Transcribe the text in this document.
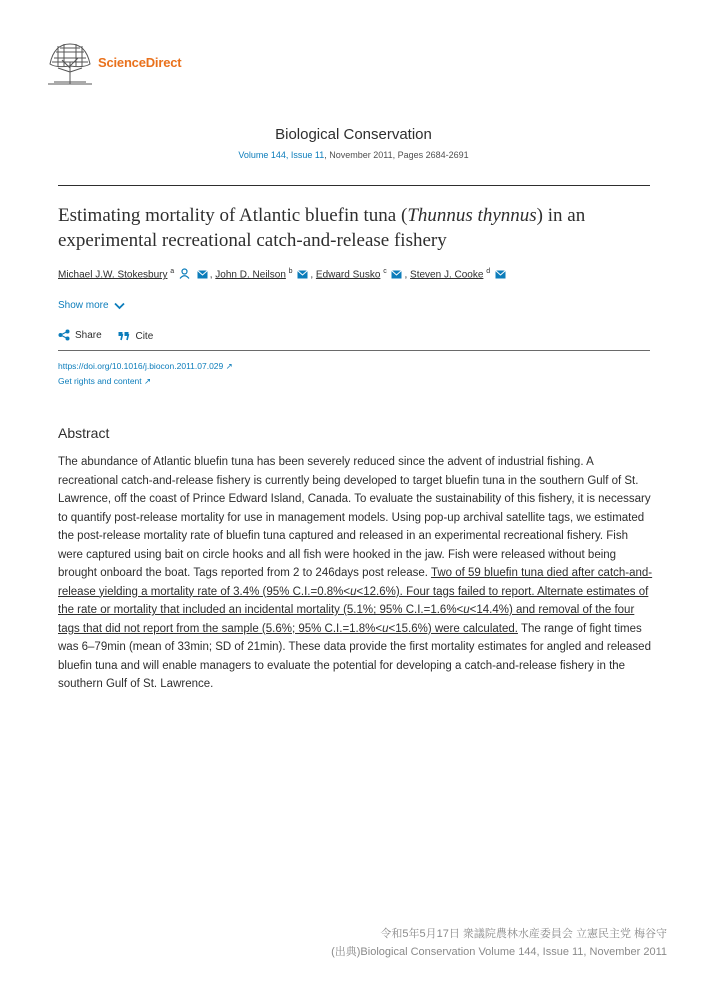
ScienceDirect
Biological Conservation
Volume 144, Issue 11, November 2011, Pages 2684-2691
Estimating mortality of Atlantic bluefin tuna (Thunnus thynnus) in an experimental recreational catch-and-release fishery
Michael J.W. Stokesbury $^a$	, John D. Neilson $^b$ , Edward Susko $^c$ , Steven J. Cooke $^d$
Show more
Share
	Cite
https://doi.org/10.1016/j.biocon.2011.07.029 ↗
Get rights and content ↗
Abstract
The abundance of Atlantic bluefin tuna has been severely reduced since the advent of industrial fishing. A recreational catch-and-release fishery is currently being developed to target bluefin tuna in the southern Gulf of St. Lawrence, off the coast of Prince Edward Island, Canada. To evaluate the sustainability of this fishery, it is necessary to quantify post-release mortality for use in management models. Using pop-up archival satellite tags, we estimated the post-release mortality rate of bluefin tuna captured and released in an experimental recreational fishery. Fish were captured using bait on circle hooks and all fish were hooked in the jaw. Fish were released without being brought onboard the boat. Tags reported from 2 to 246days post release. Two of 59 bluefin tuna died after catch-and-release yielding a mortality rate of 3.4% (95% C.I.=0.8%<u<12.6%). Four tags failed to report. Alternate estimates of the rate or mortality that included an incidental mortality (5.1%; 95% C.I.=1.6%<u<14.4%) and removal of the four tags that did not report from the sample (5.6%; 95% C.I.=1.8%<u<15.6%) were calculated. The range of fight times was 6–79min (mean of 33min; SD of 21min). These data provide the first mortality estimates for angled and released bluefin tuna and will enable managers to evaluate the potential for developing a catch-and-release fishery in the southern Gulf of St. Lawrence.
令和5年5月17日 衆議院農林水産委員会 立憲民主党 梅谷守
(出典)Biological Conservation Volume 144, Issue 11, November 2011
